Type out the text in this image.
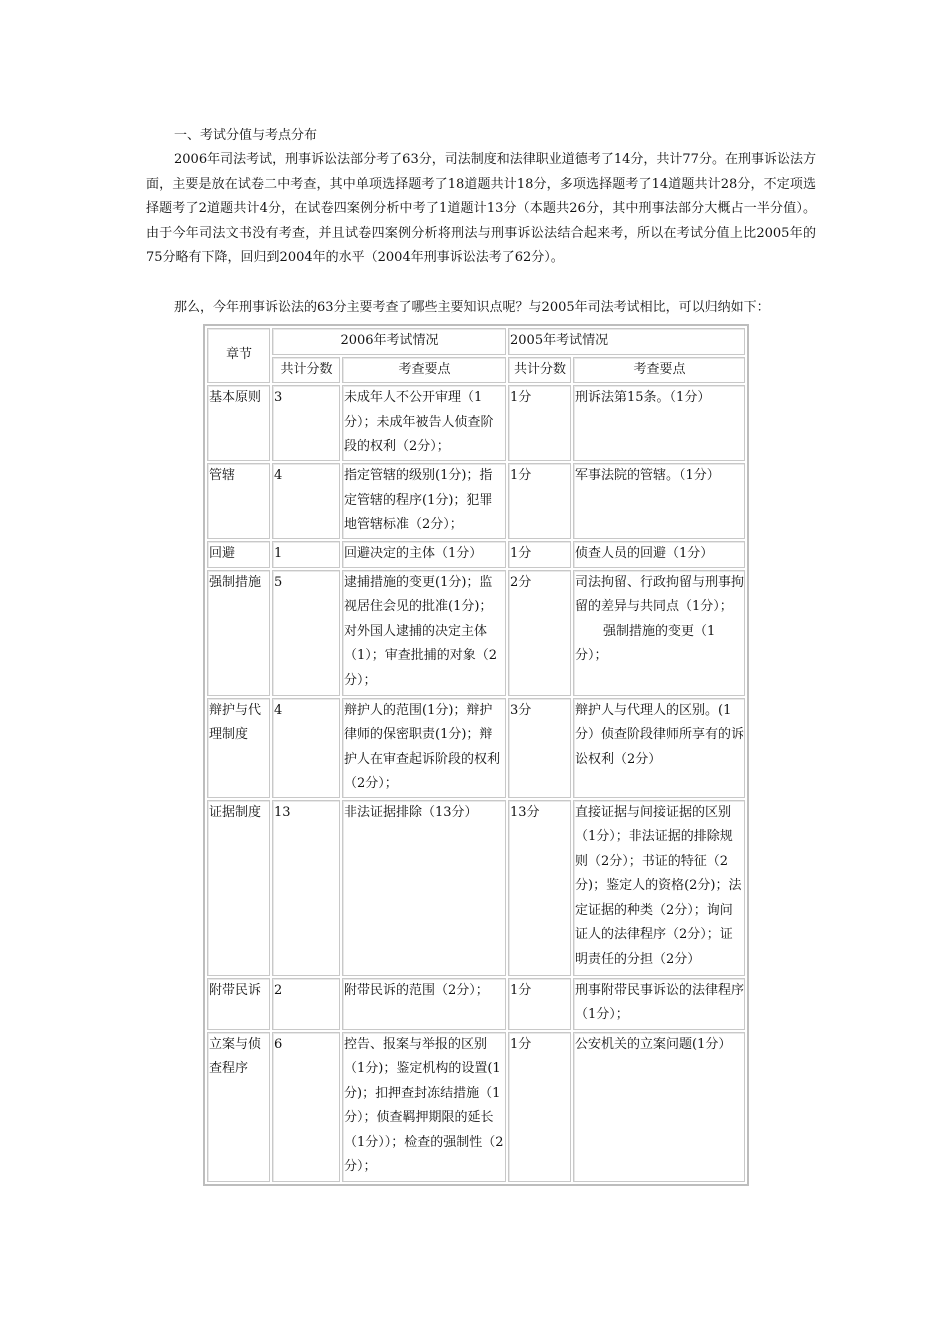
一、考试分值与考点分布

2006年司法考试，刑事诉讼法部分考了63分，司法制度和法律职业道德考了14分，共计77分。在刑事诉讼法方面，主要是放在试卷二中考查，其中单项选择题考了18道题共计18分，多项选择题考了14道题共计28分，不定项选择题考了2道题共计4分，在试卷四案例分析中考了1道题计13分（本题共26分，其中刑事法部分大概占一半分值）。由于今年司法文书没有考查，并且试卷四案例分析将刑法与刑事诉讼法结合起来考，所以在考试分值上比2005年的75分略有下降，回归到2004年的水平（2004年刑事诉讼法考了62分）。

那么，今年刑事诉讼法的63分主要考查了哪些主要知识点呢？与2005年司法考试相比，可以归纳如下：

章节	2006年考试情况		2005年考试情况	
	共计分数	考查要点	共计分数	考查要点
基本原则	3	未成年人不公开审理（1分）；未成年被告人侦查阶段的权利（2分）；	1分	刑诉法第15条。（1分）
管辖	4	指定管辖的级别(1分)；指定管辖的程序(1分)；犯罪地管辖标准（2分）；	1分	军事法院的管辖。（1分）
回避	1	回避决定的主体（1分）	1分	侦查人员的回避（1分）
强制措施	5	逮捕措施的变更(1分)；监视居住会见的批准(1分)；对外国人逮捕的决定主体（1）；审查批捕的对象（2分）；	2分	司法拘留、行政拘留与刑事拘留的差异与共同点（1分）；
强制措施的变更（1分）；
辩护与代理制度	4	辩护人的范围(1分)；辩护律师的保密职责(1分)；辩护人在审查起诉阶段的权利（2分）；	3分	辩护人与代理人的区别。(1分）侦查阶段律师所享有的诉讼权利（2分）
证据制度	13	非法证据排除（13分）	13分	直接证据与间接证据的区别（1分）；非法证据的排除规则（2分）；书证的特征（2分)；鉴定人的资格(2分)；法定证据的种类（2分）；询问证人的法律程序（2分）；证明责任的分担（2分）
附带民诉	2	附带民诉的范围（2分）；	1分	刑事附带民事诉讼的法律程序（1分）；
立案与侦查程序	6	控告、报案与举报的区别（1分)；鉴定机构的设置(1分)；扣押查封冻结措施（1分）；侦查羁押期限的延长（1分））；检查的强制性（2分）；	1分	公安机关的立案问题(1分）
